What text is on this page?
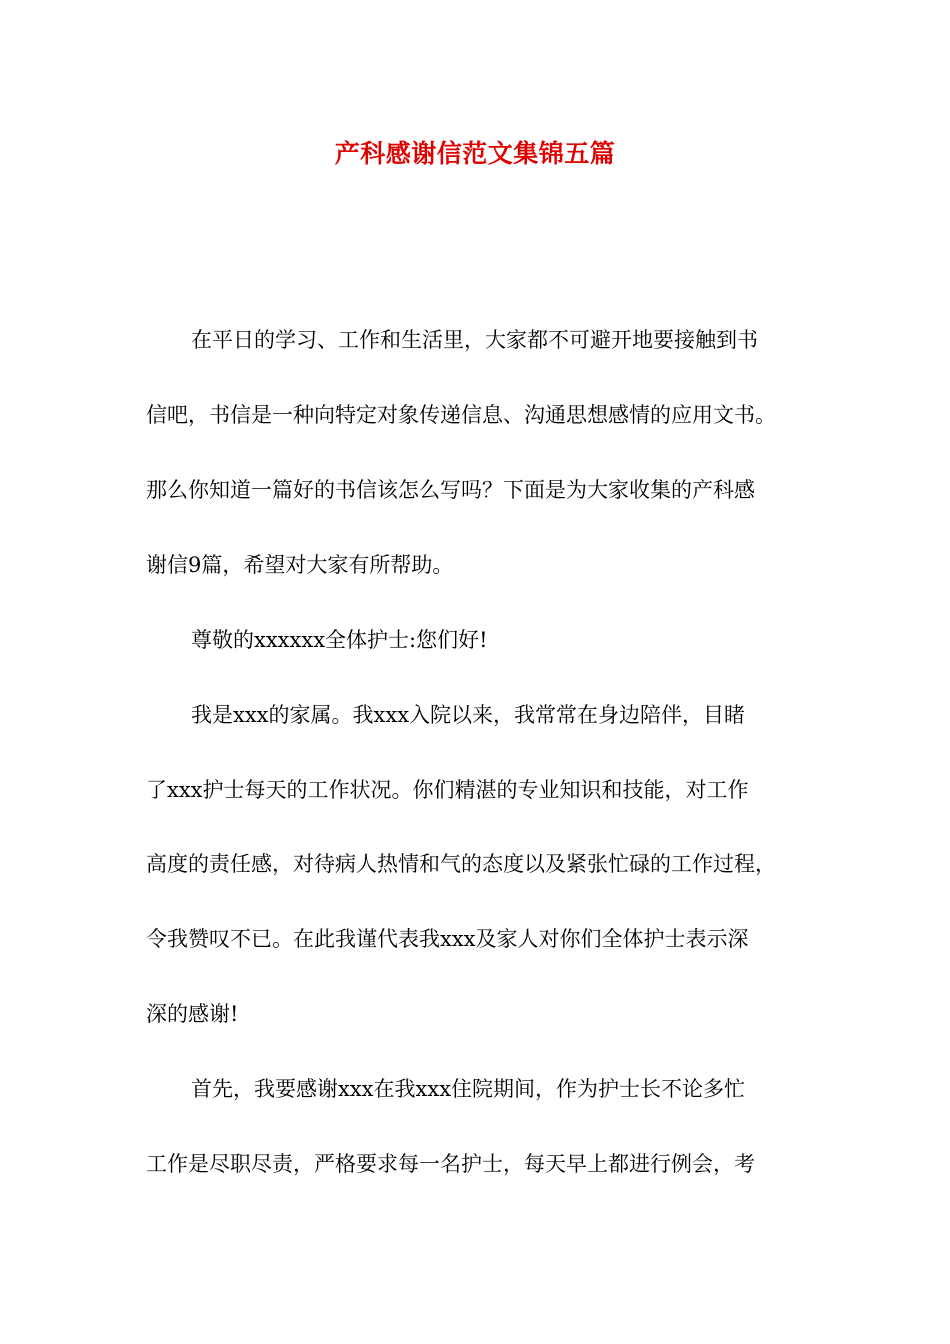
产科感谢信范文集锦五篇
在平日的学习、工作和生活里，大家都不可避开地要接触到书
信吧，书信是一种向特定对象传递信息、沟通思想感情的应用文书。
那么你知道一篇好的书信该怎么写吗？下面是为大家收集的产科感
谢信9篇，希望对大家有所帮助。
尊敬的xxxxxx全体护士:您们好!
我是xxx的家属。我xxx入院以来，我常常在身边陪伴，目睹
了xxx护士每天的工作状况。你们精湛的专业知识和技能，对工作
高度的责任感，对待病人热情和气的态度以及紧张忙碌的工作过程，
令我赞叹不已。在此我谨代表我xxx及家人对你们全体护士表示深
深的感谢!
首先，我要感谢xxx在我xxx住院期间，作为护士长不论多忙
工作是尽职尽责，严格要求每一名护士，每天早上都进行例会，考
